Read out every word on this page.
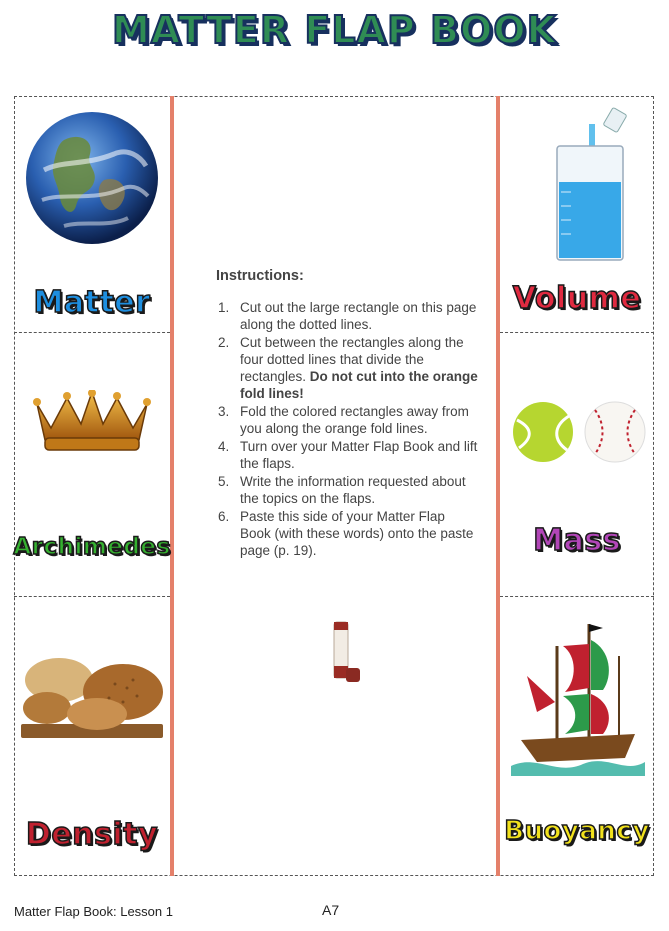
MATTER FLAP BOOK
Matter
Archimedes
Density
Volume
Mass
Buoyancy
Instructions:
1. Cut out the large rectangle on this page along the dotted lines.
2. Cut between the rectangles along the four dotted lines that divide the rectangles. Do not cut into the orange fold lines!
3. Fold the colored rectangles away from you along the orange fold lines.
4. Turn over your Matter Flap Book and lift the flaps.
5. Write the information requested about the topics on the flaps.
6. Paste this side of your Matter Flap Book (with these words) onto the paste page (p. 19).
Matter Flap Book: Lesson 1	A7
